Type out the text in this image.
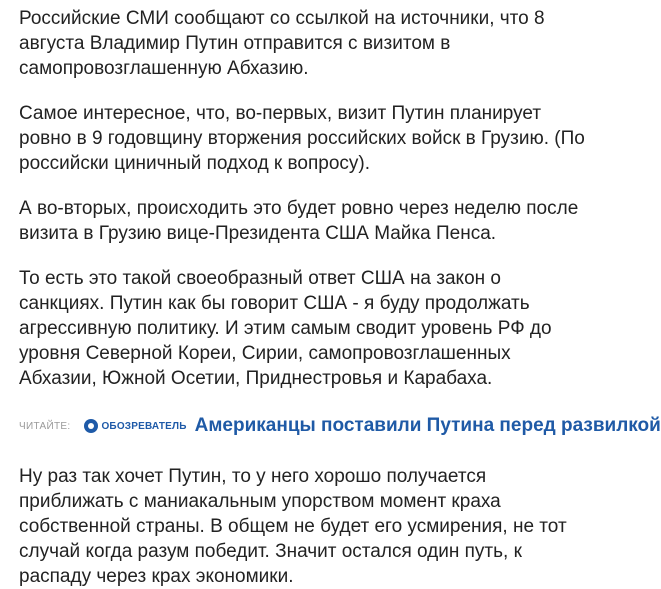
Российские СМИ сообщают со ссылкой на источники, что 8 августа Владимир Путин отправится с визитом в самопровозглашенную Абхазию.

Самое интересное, что, во-первых, визит Путин планирует ровно в 9 годовщину вторжения российских войск в Грузию. (По российски циничный подход к вопросу).

А во-вторых, происходить это будет ровно через неделю после визита в Грузию вице-Президента США Майка Пенса.

То есть это такой своеобразный ответ США на закон о санкциях. Путин как бы говорит США - я буду продолжать агрессивную политику. И этим самым сводит уровень РФ до уровня Северной Кореи, Сирии, самопровозглашенных Абхазии, Южной Осетии, Приднестровья и Карабаха.

ЧИТАЙТЕ:	ОБОЗРЕВАТЕЛЬ Американцы поставили Путина перед развилкой

Ну раз так хочет Путин, то у него хорошо получается приближать с маниакальным упорством момент краха собственной страны. В общем не будет его усмирения, не тот случай когда разум победит. Значит остался один путь, к распаду через крах экономики.
